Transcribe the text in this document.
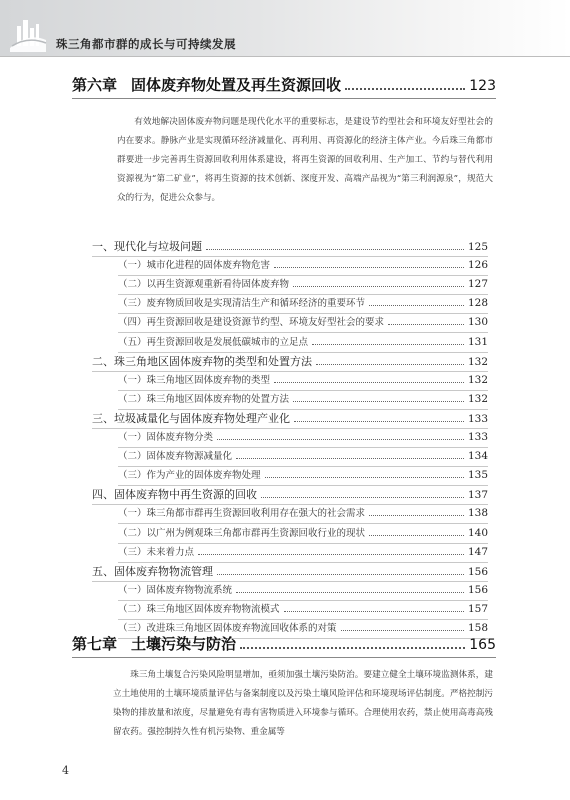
珠三角都市群的成长与可持续发展
第六章 固体废弃物处置及再生资源回收	123

有效地解决固体废弃物问题是现代化水平的重要标志，是建设节约型社会和环境友好型社会的内在要求。静脉产业是实现循环经济减量化、再利用、再资源化的经济主体产业。今后珠三角都市群要进一步完善再生资源回收利用体系建设，将再生资源的回收利用、生产加工、节约与替代利用资源视为“第二矿业”，将再生资源的技术创新、深度开发、高端产品视为“第三利润源泉”，规范大众的行为，促进公众参与。

一、现代化与垃圾问题	125
（一）城市化进程的固体废弃物危害	126
（二）以再生资源观重新看待固体废弃物	127
（三）废弃物质回收是实现清洁生产和循环经济的重要环节	128
（四）再生资源回收是建设资源节约型、环境友好型社会的要求	130
（五）再生资源回收是发展低碳城市的立足点	131
二、珠三角地区固体废弃物的类型和处置方法	132
（一）珠三角地区固体废弃物的类型	132
（二）珠三角地区固体废弃物的处置方法	132
三、垃圾减量化与固体废弃物处理产业化	133
（一）固体废弃物分类	133
（二）固体废弃物源减量化	134
（三）作为产业的固体废弃物处理	135
四、固体废弃物中再生资源的回收	137
（一）珠三角都市群再生资源回收利用存在强大的社会需求	138
（二）以广州为例观珠三角都市群再生资源回收行业的现状	140
（三）未来着力点	147
五、固体废弃物物流管理	156
（一）固体废弃物物流系统	156
（二）珠三角地区固体废弃物物流模式	157
（三）改进珠三角地区固体废弃物流回收体系的对策	158
第七章 土壤污染与防治	165

珠三角土壤复合污染风险明显增加，亟须加强土壤污染防治。要建立健全土壤环境监测体系，建立土地使用的土壤环境质量评估与备案制度以及污染土壤风险评估和环境现场评估制度。严格控制污染物的排放量和浓度，尽量避免有毒有害物质进入环境参与循环。合理使用农药，禁止使用高毒高残留农药。强控制持久性有机污染物、重金属等

4
